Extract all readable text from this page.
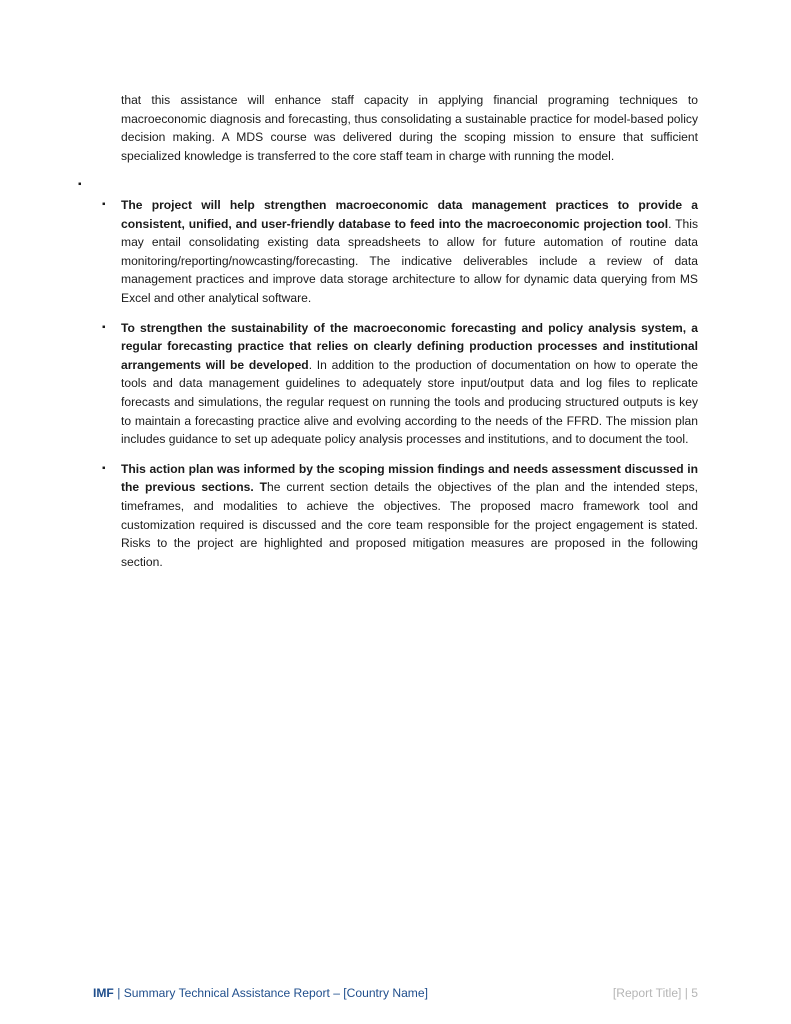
that this assistance will enhance staff capacity in applying financial programing techniques to macroeconomic diagnosis and forecasting, thus consolidating a sustainable practice for model-based policy decision making. A MDS course was delivered during the scoping mission to ensure that sufficient specialized knowledge is transferred to the core staff team in charge with running the model.

▪
▪ The project will help strengthen macroeconomic data management practices to provide a consistent, unified, and user-friendly database to feed into the macroeconomic projection tool. This may entail consolidating existing data spreadsheets to allow for future automation of routine data monitoring/reporting/nowcasting/forecasting. The indicative deliverables include a review of data management practices and improve data storage architecture to allow for dynamic data querying from MS Excel and other analytical software.
▪ To strengthen the sustainability of the macroeconomic forecasting and policy analysis system, a regular forecasting practice that relies on clearly defining production processes and institutional arrangements will be developed. In addition to the production of documentation on how to operate the tools and data management guidelines to adequately store input/output data and log files to replicate forecasts and simulations, the regular request on running the tools and producing structured outputs is key to maintain a forecasting practice alive and evolving according to the needs of the FFRD. The mission plan includes guidance to set up adequate policy analysis processes and institutions, and to document the tool.
▪ This action plan was informed by the scoping mission findings and needs assessment discussed in the previous sections. The current section details the objectives of the plan and the intended steps, timeframes, and modalities to achieve the objectives. The proposed macro framework tool and customization required is discussed and the core team responsible for the project engagement is stated. Risks to the project are highlighted and proposed mitigation measures are proposed in the following section.
IMF | Summary Technical Assistance Report – [Country Name]	[Report Title] | 5
